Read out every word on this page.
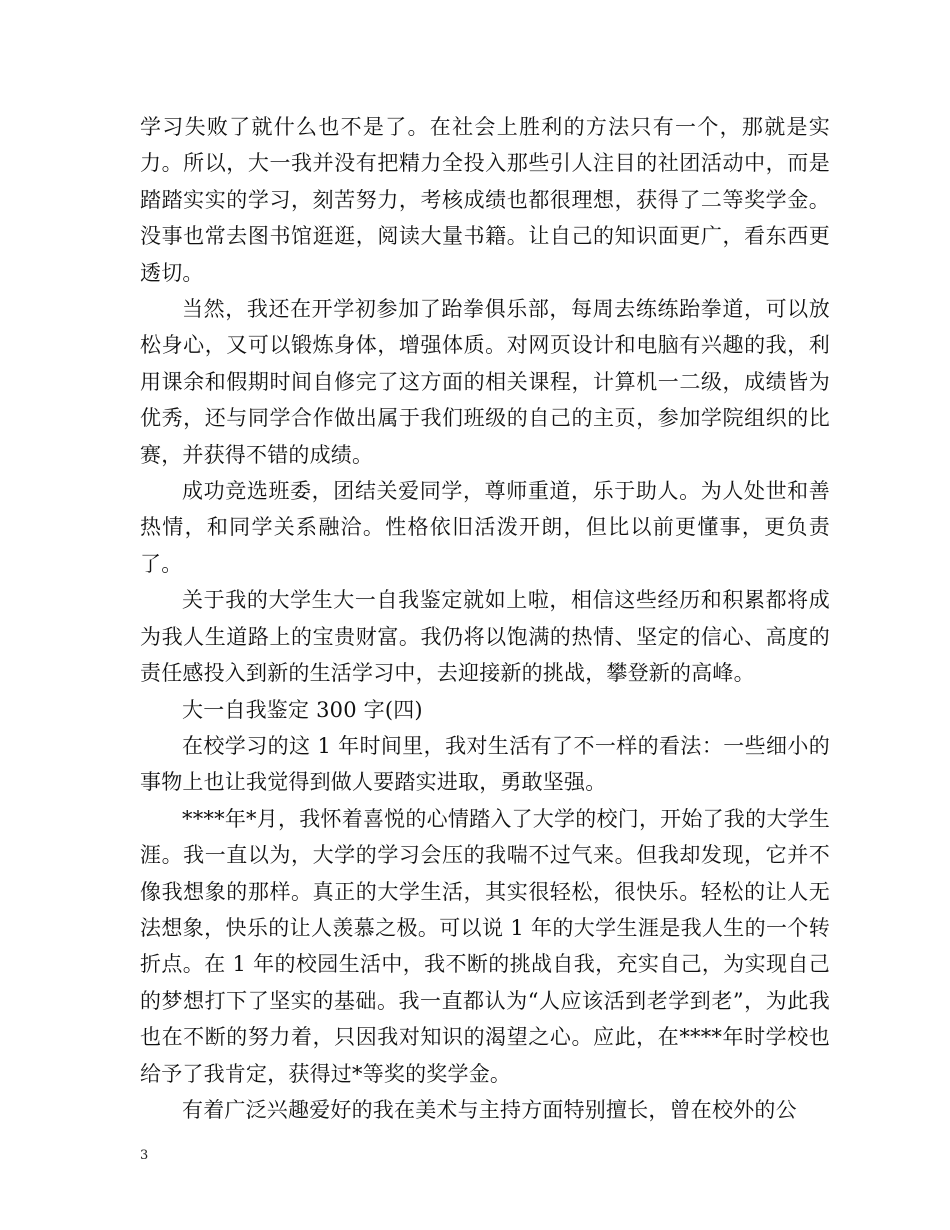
学习失败了就什么也不是了。在社会上胜利的方法只有一个，那就是实力。所以，大一我并没有把精力全投入那些引人注目的社团活动中，而是踏踏实实的学习，刻苦努力，考核成绩也都很理想，获得了二等奖学金。没事也常去图书馆逛逛，阅读大量书籍。让自己的知识面更广，看东西更透切。

当然，我还在开学初参加了跆拳俱乐部，每周去练练跆拳道，可以放松身心，又可以锻炼身体，增强体质。对网页设计和电脑有兴趣的我，利用课余和假期时间自修完了这方面的相关课程，计算机一二级，成绩皆为优秀，还与同学合作做出属于我们班级的自己的主页，参加学院组织的比赛，并获得不错的成绩。

成功竞选班委，团结关爱同学，尊师重道，乐于助人。为人处世和善热情，和同学关系融洽。性格依旧活泼开朗，但比以前更懂事，更负责了。

关于我的大学生大一自我鉴定就如上啦，相信这些经历和积累都将成为我人生道路上的宝贵财富。我仍将以饱满的热情、坚定的信心、高度的责任感投入到新的生活学习中，去迎接新的挑战，攀登新的高峰。

大一自我鉴定 300 字(四)

在校学习的这 1 年时间里，我对生活有了不一样的看法：一些细小的事物上也让我觉得到做人要踏实进取，勇敢坚强。

****年*月，我怀着喜悦的心情踏入了大学的校门，开始了我的大学生涯。我一直以为，大学的学习会压的我喘不过气来。但我却发现，它并不像我想象的那样。真正的大学生活，其实很轻松，很快乐。轻松的让人无法想象，快乐的让人羡慕之极。可以说 1 年的大学生涯是我人生的一个转折点。在 1 年的校园生活中，我不断的挑战自我，充实自己，为实现自己的梦想打下了坚实的基础。我一直都认为“人应该活到老学到老”，为此我也在不断的努力着，只因我对知识的渴望之心。应此，在****年时学校也给予了我肯定，获得过*等奖的奖学金。

有着广泛兴趣爱好的我在美术与主持方面特别擅长，曾在校外的公

3
